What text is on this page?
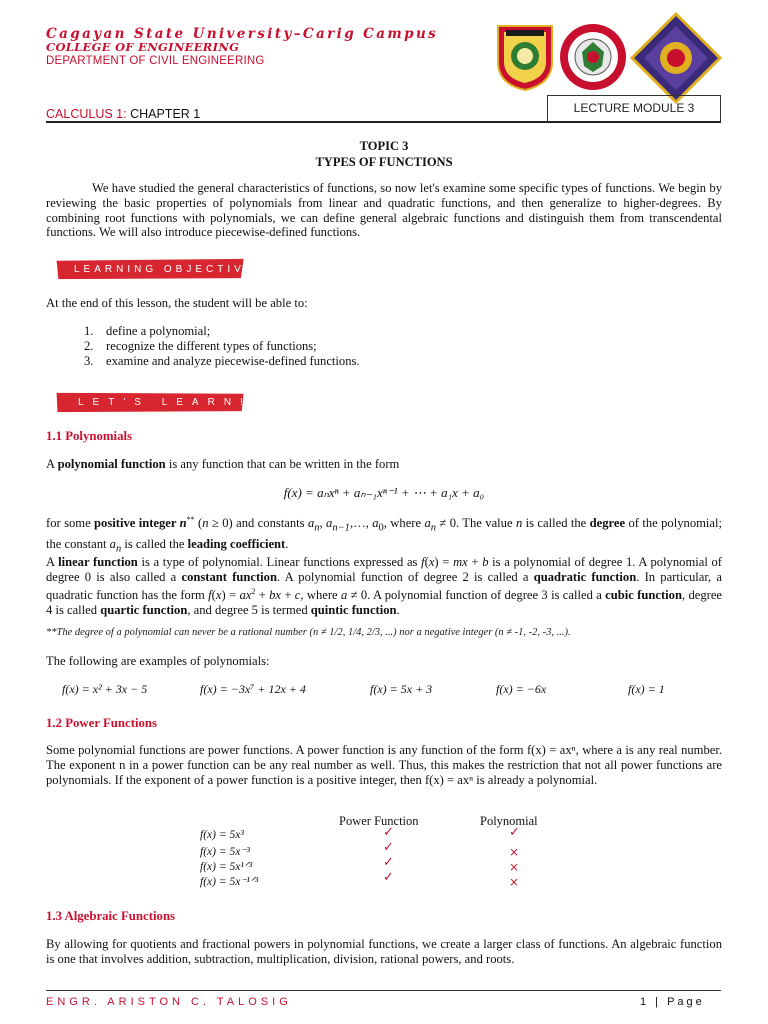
Cagayan State University–Carig Campus
COLLEGE OF ENGINEERING
DEPARTMENT OF CIVIL ENGINEERING
CALCULUS 1: CHAPTER 1	LECTURE MODULE 3
TOPIC 3
TYPES OF FUNCTIONS
We have studied the general characteristics of functions, so now let's examine some specific types of functions. We begin by reviewing the basic properties of polynomials from linear and quadratic functions, and then generalize to higher-degrees. By combining root functions with polynomials, we can define general algebraic functions and distinguish them from transcendental functions. We will also introduce piecewise-defined functions.
LEARNING OBJECTIVES
At the end of this lesson, the student will be able to:
1. define a polynomial;
2. recognize the different types of functions;
3. examine and analyze piecewise-defined functions.
LET'S LEARN!
1.1 Polynomials
A polynomial function is any function that can be written in the form
f(x) = aₙxⁿ + aₙ₋₁xⁿ⁻¹ + ⋯ + a₁x + a₀
for some positive integer n** (n ≥ 0) and constants $a_n$, $a_{n-1},\dots$, $a_0$, where $a_n \ne 0$. The value n is called the degree of the polynomial; the constant $a_n$ is called the leading coefficient.
A linear function is a type of polynomial. Linear functions expressed as f(x) = mx + b is a polynomial of degree 1. A polynomial of degree 0 is also called a constant function. A polynomial function of degree 2 is called a quadratic function. In particular, a quadratic function has the form $f(x) = ax^2$ + bx + c, where a ≠ 0. A polynomial function of degree 3 is called a cubic function, degree 4 is called quartic function, and degree 5 is termed quintic function.
**The degree of a polynomial can never be a rational number (n ≠ 1/2, 1/4, 2/3, ...) nor a negative integer (n ≠ -1, -2, -3, ...).
The following are examples of polynomials:
f(x) = x² + 3x − 5	f(x) = −3x⁷ + 12x + 4	f(x) = 5x + 3	f(x) = −6x	f(x) = 1
1.2 Power Functions
Some polynomial functions are power functions. A power function is any function of the form f(x) = axⁿ, where a is any real number. The exponent n in a power function can be any real number as well. Thus, this makes the restriction that not all power functions are polynomials. If the exponent of a power function is a positive integer, then f(x) = axⁿ is already a polynomial.
Power Function	Polynomial
f(x) = 5x³	✓	✓
f(x) = 5x⁻³	✓	×
f(x) = 5x¹ᐟ³	✓	×
f(x) = 5x⁻¹ᐟ³	✓	×
1.3 Algebraic Functions
By allowing for quotients and fractional powers in polynomial functions, we create a larger class of functions. An algebraic function is one that involves addition, subtraction, multiplication, division, rational powers, and roots.
ENGR. ARISTON C. TALOSIG	1 | Page
